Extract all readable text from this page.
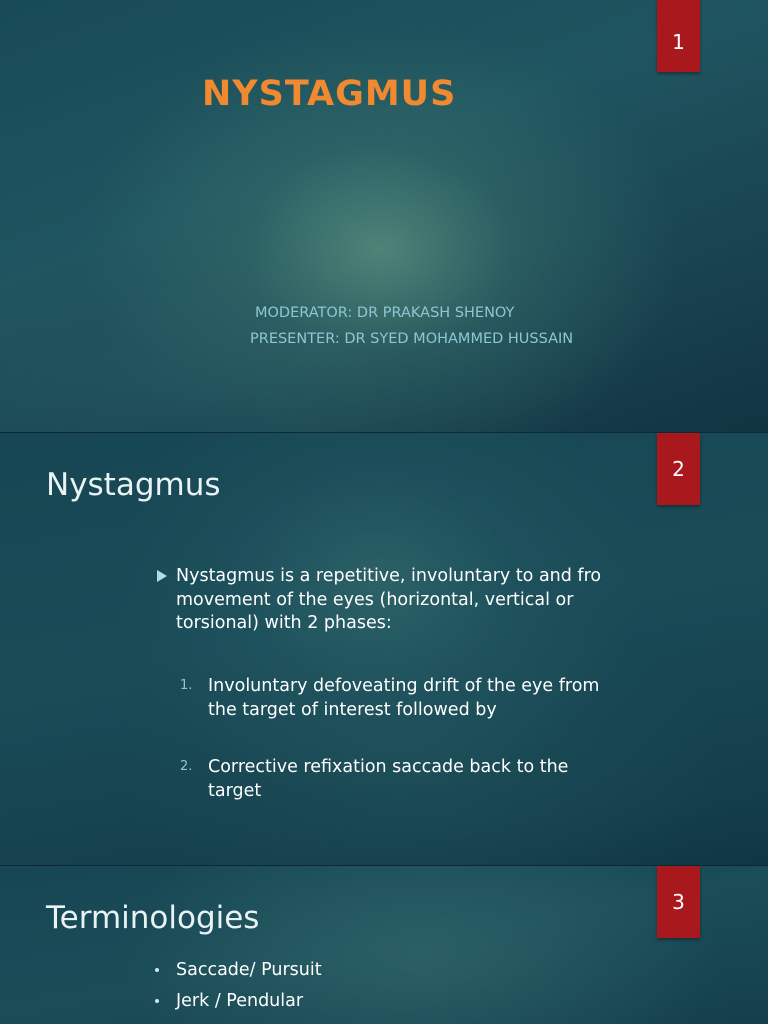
1
NYSTAGMUS
MODERATOR: DR PRAKASH SHENOY
PRESENTER: DR SYED MOHAMMED HUSSAIN
2
Nystagmus
Nystagmus is a repetitive, involuntary to and fro movement of the eyes (horizontal, vertical or torsional) with 2 phases:
1. Involuntary defoveating drift of the eye from the target of interest followed by
2. Corrective refixation saccade back to the target
3
Terminologies
Saccade/ Pursuit
Jerk / Pendular
